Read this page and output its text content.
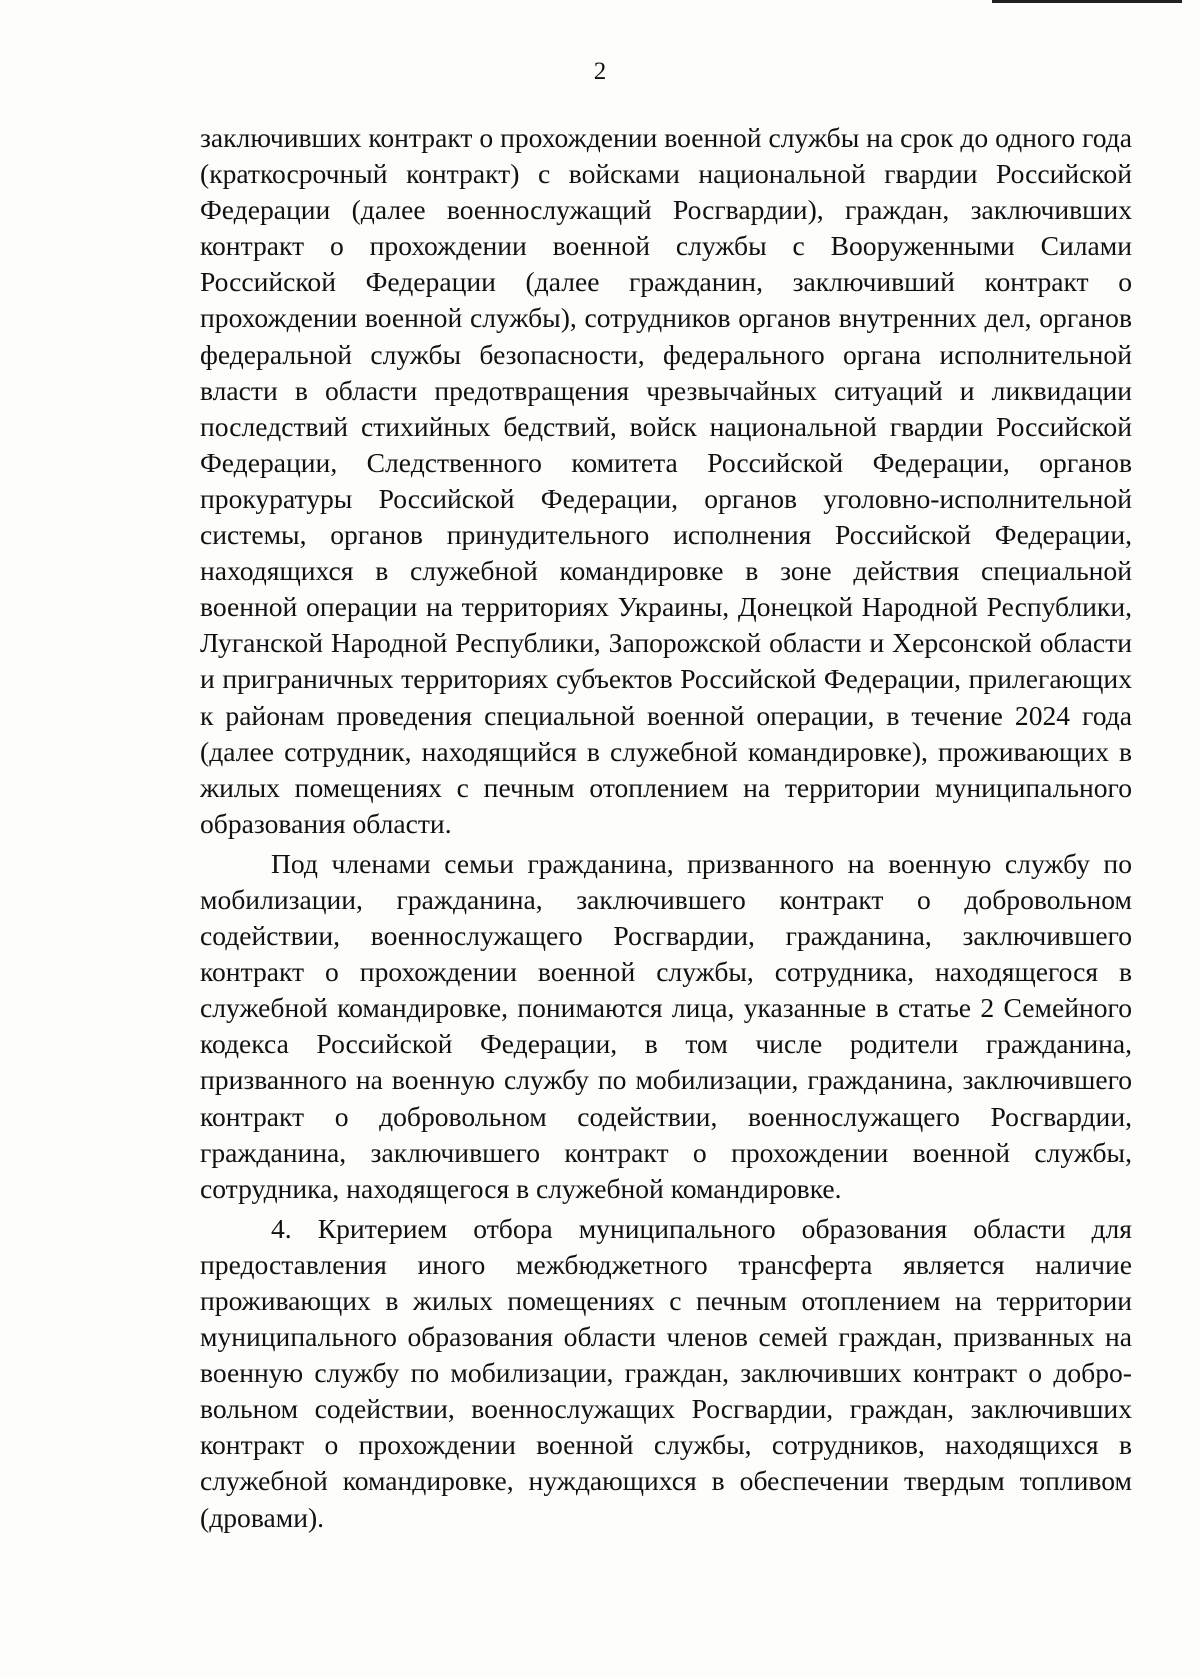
2

заключивших контракт о прохождении военной службы на срок до одного года (краткосрочный контракт) с войсками национальной гвардии Российской Федерации (далее военнослужащий Росгвардии), граждан, заключивших контракт о прохождении военной службы с Вооруженными Силами Российской Федерации (далее гражданин, заключивший контракт о прохождении военной службы), сотрудников органов внутренних дел, органов федеральной службы безопасности, федерального органа исполнительной власти в области предотвращения чрезвычайных ситуаций и ликвидации последствий стихийных бедствий, войск национальной гвардии Российской Федерации, Следственного комитета Российской Федерации, органов прокуратуры Российской Федерации, органов уголовно-исполнительной системы, органов принудительного исполнения Российской Федерации, находящихся в служебной командировке в зоне действия специальной военной операции на территориях Украины, Донецкой Народной Республики, Луганской Народной Республики, Запорожской области и Херсонской области и приграничных территориях субъектов Российской Федерации, прилегающих к районам проведения специальной военной операции, в течение 2024 года (далее сотрудник, находящийся в служебной командировке), проживающих в жилых помещениях с печным отоплением на территории муниципального образования области.

Под членами семьи гражданина, призванного на военную службу по мобилизации, гражданина, заключившего контракт о добровольном содействии, военнослужащего Росгвардии, гражданина, заключившего контракт о прохождении военной службы, сотрудника, находящегося в служебной командировке, понимаются лица, указанные в статье 2 Семейного кодекса Российской Федерации, в том числе родители гражданина, призванного на военную службу по мобилизации, гражданина, заключившего контракт о добровольном содействии, военнослужащего Росгвардии, гражданина, заключившего контракт о прохождении военной службы, сотрудника, находящегося в служебной командировке.

4. Критерием отбора муниципального образования области для предоставления иного межбюджетного трансферта является наличие проживающих в жилых помещениях с печным отоплением на территории муниципального образования области членов семей граждан, призванных на военную службу по мобилизации, граждан, заключивших контракт о добровольном содействии, военнослужащих Росгвардии, граждан, заключивших контракт о прохождении военной службы, сотрудников, находящихся в служебной командировке, нуждающихся в обеспечении твердым топливом (дровами).
